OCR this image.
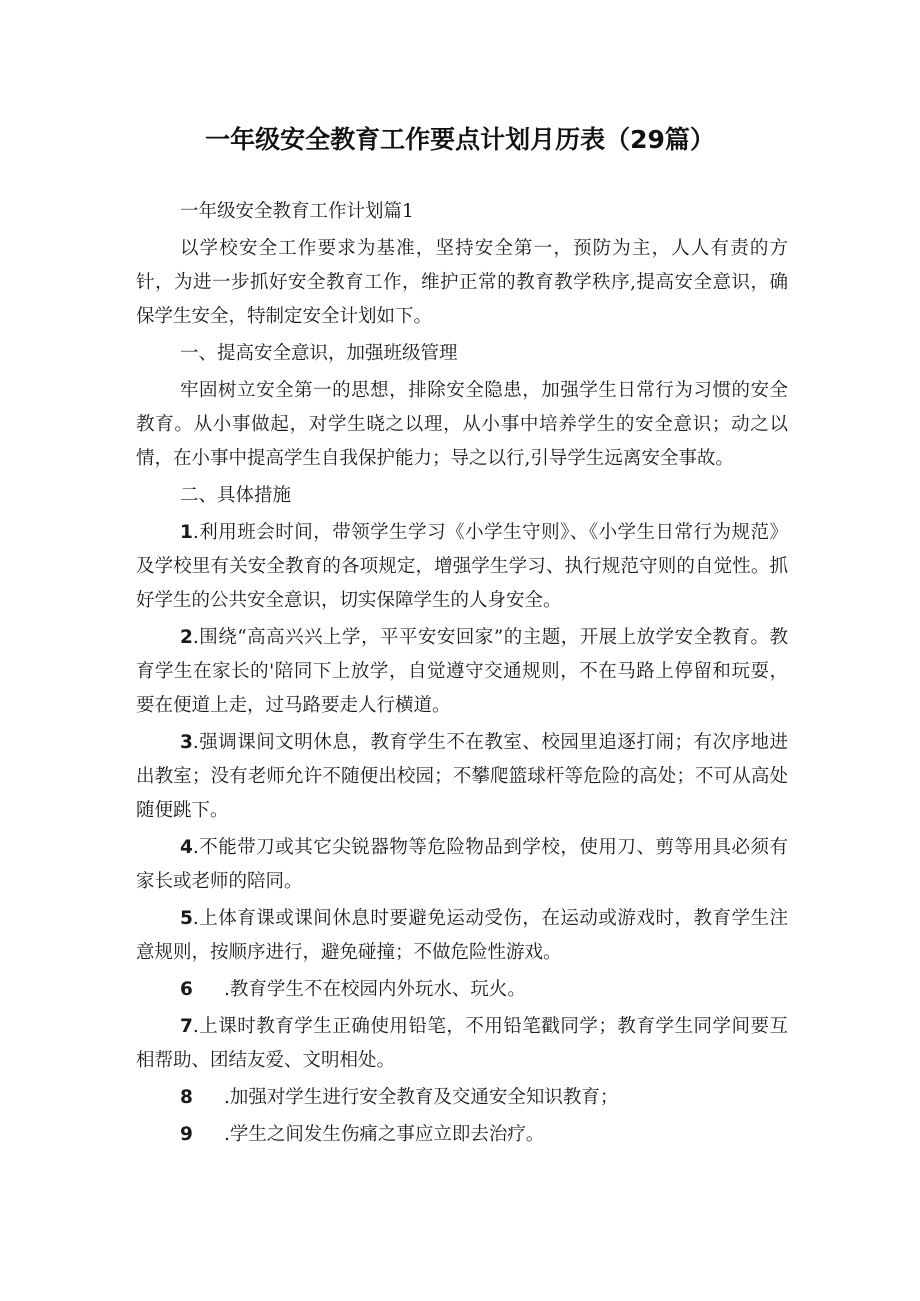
一年级安全教育工作要点计划月历表（29篇）

一年级安全教育工作计划篇1

以学校安全工作要求为基准，坚持安全第一，预防为主，人人有责的方针，为进一步抓好安全教育工作，维护正常的教育教学秩序,提高安全意识，确保学生安全，特制定安全计划如下。

一、提高安全意识，加强班级管理

牢固树立安全第一的思想，排除安全隐患，加强学生日常行为习惯的安全教育。从小事做起，对学生晓之以理，从小事中培养学生的安全意识；动之以情，在小事中提高学生自我保护能力；导之以行,引导学生远离安全事故。

二、具体措施

1.利用班会时间，带领学生学习《小学生守则》、《小学生日常行为规范》及学校里有关安全教育的各项规定，增强学生学习、执行规范守则的自觉性。抓好学生的公共安全意识，切实保障学生的人身安全。

2.围绕“高高兴兴上学，平平安安回家”的主题，开展上放学安全教育。教育学生在家长的'陪同下上放学，自觉遵守交通规则，不在马路上停留和玩耍，要在便道上走，过马路要走人行横道。

3.强调课间文明休息，教育学生不在教室、校园里追逐打闹；有次序地进出教室；没有老师允许不随便出校园；不攀爬篮球杆等危险的高处；不可从高处随便跳下。

4.不能带刀或其它尖锐器物等危险物品到学校，使用刀、剪等用具必须有家长或老师的陪同。

5.上体育课或课间休息时要避免运动受伤，在运动或游戏时，教育学生注意规则，按顺序进行，避免碰撞；不做危险性游戏。

6 .教育学生不在校园内外玩水、玩火。

7.上课时教育学生正确使用铅笔，不用铅笔戳同学；教育学生同学间要互相帮助、团结友爱、文明相处。

8 .加强对学生进行安全教育及交通安全知识教育；

9 .学生之间发生伤痛之事应立即去治疗。
